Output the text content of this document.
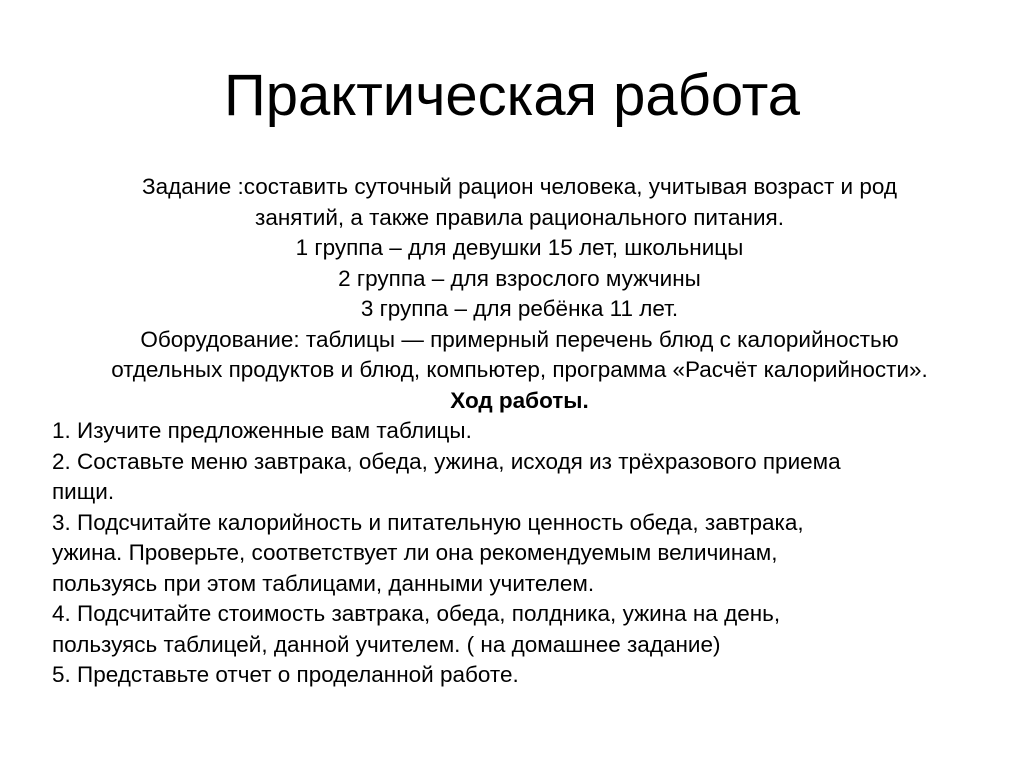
Практическая работа
Задание :составить суточный рацион человека, учитывая возраст и род
занятий, а также правила рационального питания.
1 группа – для девушки 15 лет, школьницы
2 группа – для взрослого мужчины
3 группа – для ребёнка 11 лет.
Оборудование: таблицы — примерный перечень блюд с калорийностью
отдельных продуктов и блюд, компьютер, программа «Расчёт калорийности».
Ход работы.
1. Изучите предложенные вам таблицы.
2. Составьте меню завтрака, обеда, ужина, исходя из трёхразового приема
пищи.
3. Подсчитайте калорийность и питательную ценность обеда, завтрака,
ужина. Проверьте, соответствует ли она рекомендуемым величинам,
пользуясь при этом таблицами, данными учителем.
4. Подсчитайте стоимость завтрака, обеда, полдника, ужина на день,
пользуясь таблицей, данной учителем. ( на домашнее задание)
5. Представьте отчет о проделанной работе.
